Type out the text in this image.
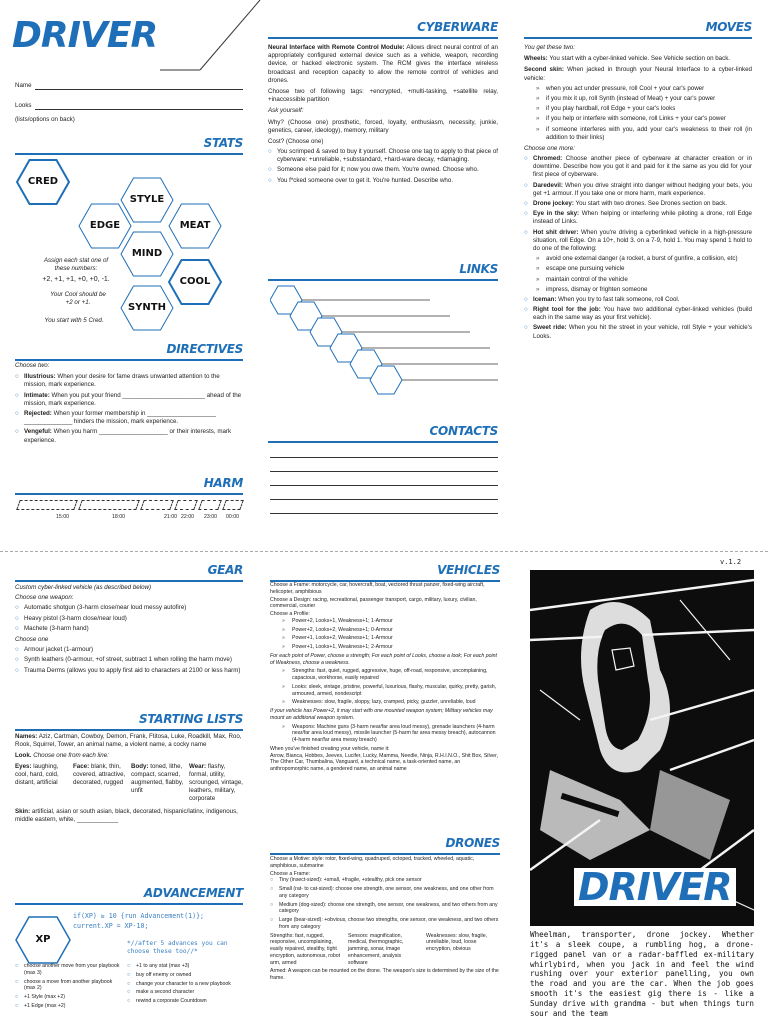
DRIVER
Name
Looks
(lists/options on back)
STATS
CRED
STYLE
EDGE	MEAT
MIND
COOL
SYNTH
Assign each stat one of these numbers:
+2, +1, +1, +0, +0, -1.
Your Cool should be +2 or +1.
You start with 5 Cred.
DIRECTIVES
Choose two:
○ Illustrious: When your desire for fame draws unwanted attention to the mission, mark experience.
○ Intimate: When you put your friend ________________________ ahead of the mission, mark experience.
○ Rejected: When your former membership in ____________________ ______________ hinders the mission, mark experience.
○ Vengeful: When you harm ____________________ or their interests, mark experience.
HARM
15:00	18:00	21:00 22:00 23:00 00:00
CYBERWARE
Neural Interface with Remote Control Module: Allows direct neural control of an appropriately configured external device such as a vehicle, weapon, recording device, or hacked electronic system. The RCM gives the interface wireless broadcast and reception capacity to allow the remote control of vehicles and drones.
Choose two of following tags: +encrypted, +multi-tasking, +satellite relay, +inaccessible partition
Ask yourself:
Why? (Choose one) prosthetic, forced, loyalty, enthusiasm, necessity, junkie, genetics, career, ideology), memory, military
Cost? (Choose one)
○ You scrimped & saved to buy it yourself. Choose one tag to apply to that piece of cyberware: +unreliable, +substandard, +hard-ware decay, +damaging.
○ Someone else paid for it; now you owe them. You're owned. Choose who.
○ You f*cked someone over to get it. You're hunted. Describe who.
LINKS
CONTACTS
MOVES
You get these two:
Wheels: You start with a cyber-linked vehicle. See Vehicle section on back.
Second skin: When jacked in through your Neural Interface to a cyber-linked vehicle:
» when you act under pressure, roll Cool + your car's power
» if you mix it up, roll Synth (instead of Meat) + your car's power
» if you play hardball, roll Edge + your car's looks
» if you help or interfere with someone, roll Links + your car's power
» if someone interferes with you, add your car's weakness to their roll (in addition to their links)
Choose one more:
○ Chromed: Choose another piece of cyberware at character creation or in downtime. Describe how you got it and paid for it the same as you did for your first piece of cyberware.
○ Daredevil: When you drive straight into danger without hedging your bets, you get +1 armour. If you take one or more harm, mark experience.
○ Drone jockey: You start with two drones. See Drones section on back.
○ Eye in the sky: When helping or interfering while piloting a drone, roll Edge instead of Links.
○ Hot shit driver: When you're driving a cyberlinked vehicle in a high-pressure situation, roll Edge. On a 10+, hold 3. on a 7-9, hold 1. You may spend 1 hold to do one of the following:
» avoid one external danger (a rocket, a burst of gunfire, a collision, etc)
» escape one pursuing vehicle
» maintain control of the vehicle
» impress, dismay or frighten someone
○ Iceman: When you try to fast talk someone, roll Cool.
○ Right tool for the job: You have two additional cyber-linked vehicles (build each in the same way as your first vehicle).
○ Sweet ride: When you hit the street in your vehicle, roll Style + your vehicle's Looks.
GEAR
Custom cyber-linked vehicle (as described below)
Choose one weapon:
○ Automatic shotgun (3-harm close/near loud messy autofire)
○ Heavy pistol (3-harm close/near loud)
○ Machete (3-harm hand)
Choose one
○ Armour jacket (1-armour)
○ Synth leathers (0-armour, +of street, subtract 1 when rolling the harm move)
○ Trauma Derms (allows you to apply first aid to characters at 2100 or less harm)
STARTING LISTS
Names: Aziz, Cartman, Cowboy, Demon, Frank, Ftitosa, Luke, Roadkill, Max, Roo, Rook, Squirrel, Tower, an animal name, a violent name, a cocky name
Look. Choose one from each line:
Eyes: laughing, cool, hard, cold, distant, artificial
Face: blank, thin, covered, attractive, decorated, rugged
Body: toned, lithe, compact, scarred, augmented, flabby, unfit
Wear: flashy, formal, utility, scrounged, vintage, leathers, military, corporate
Skin: artificial, asian or south asian, black, decorated, hispanic/latinx, indigenous, middle eastern, white, ____________
ADVANCEMENT
if(XP) ≥ 10 {run Advancement(1)};
current.XP = XP-10;
XP	*//after 5 advances you can choose these too//*
○ choose another move from your playbook (max 3)
○ choose a move from another playbook (max 2)
○ +1 Style (max +2)
○ +1 Edge (max +2)
○ +1 to any stat (max +3)
○ buy off enemy or owned
○ change your character to a new playbook
○ make a second character
○ rewind a corporate Countdown
VEHICLES
Choose a Frame: motorcycle, car, hovercraft, boat, vectored thrust panzer, fixed-wing aircraft, helicopter, amphibious
Choose a Design: racing, recreational, passenger transport, cargo, military, luxury, civilian, commercial, courier
Choose a Profile:
» Power+2, Looks+1, Weakness+1; 1-Armour
» Power+2, Looks+2, Weakness+1; 0-Armour
» Power+1, Looks+2, Weakness+1; 1-Armour
» Power+1, Looks+1, Weakness+1; 2-Armour
For each point of Power, choose a strength; For each point of Looks, choose a look; For each point of Weakness, choose a weakness.
» Strengths: fast, quiet, rugged, aggressive, huge, off-road, responsive, uncomplaining, capacious, workhorse, easily repaired
» Looks: sleek, vintage, pristine, powerful, luxurious, flashy, muscular, quirky, pretty, garish, armoured, armed, nondescript
» Weaknesses: slow, fragile, sloppy, lazy, cramped, picky, guzzler, unreliable, loud
If your vehicle has Power+2, it may start with one mounted weapon system; Military vehicles may mount an additional weapon system.
» Weapons: Machine guns (3-harm near/far area loud messy), grenade launchers (4-harm near/far area loud messy), missile launcher (5-harm far area messy breach), autocannon (4-harm near/far area messy breach)
When you've finished creating your vehicle, name it:
Arrow, Bianca, Hobbes, Jeeves, Lucifer, Lucky, Mamma, Needle, Ninja, R.H.I.N.O., Shit Box, Silver, The Other Car, Thumbalina, Vanguard, a technical name, a task-oriented name, an anthropomorphic name, a gendered name, an animal name
DRONES
Choose a Motive: style: rotor, fixed-wing, quadruped, octoped, tracked, wheeled, aquatic, amphibious, submarine
Choose a Frame:
○ Tiny (insect-sized): +small, +fragile, +stealthy, pick one sensor
○ Small (rat- to cat-sized): choose one strength, one sensor, one weakness, and one other from any category
○ Medium (dog-sized): choose one strength, one sensor, one weakness, and two others from any category
○ Large (bear-sized): +obvious, choose two strengths, one sensor, one weakness, and two others from any category
Strengths: fast, rugged, responsive, uncomplaining, easily repaired, stealthy, tight encryption, autonomous, robot arm, armed
Sensors: magnification, medical, thermographic, jamming, sonar, image enhancement, analysis software
Weaknesses: slow, fragile, unreliable, loud, loose encryption, obvious
Armed: A weapon can be mounted on the drone. The weapon's size is determined by the size of the frame.
v.1.2
DRIVER
Wheelman, transporter, drone jockey. Whether it's a sleek coupe, a rumbling hog, a drone-rigged panel van or a radar-baffled ex-military whirlybird, when you jack in and feel the wind rushing over your exterior panelling, you own the road and you are the car. When the job goes smooth it's the easiest gig there is - like a Sunday drive with grandma - but when things turn sour and the team
